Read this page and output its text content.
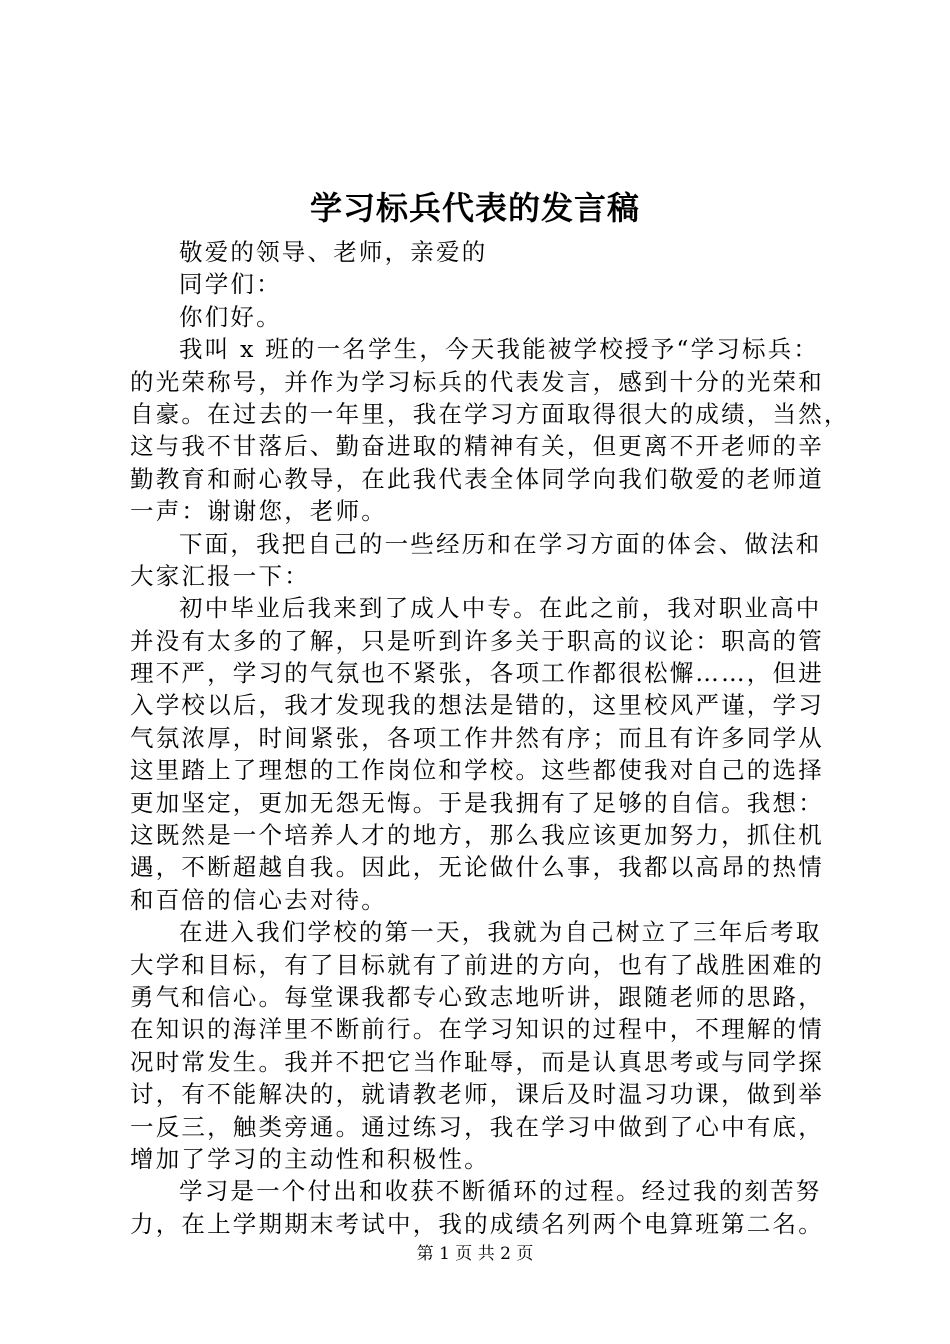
学习标兵代表的发言稿
敬爱的领导、老师，亲爱的
同学们：
你们好。
我叫 x 班的一名学生，今天我能被学校授予“学习标兵：
的光荣称号，并作为学习标兵的代表发言，感到十分的光荣和
自豪。在过去的一年里，我在学习方面取得很大的成绩，当然，
这与我不甘落后、勤奋进取的精神有关，但更离不开老师的辛
勤教育和耐心教导，在此我代表全体同学向我们敬爱的老师道
一声：谢谢您，老师。
下面，我把自己的一些经历和在学习方面的体会、做法和
大家汇报一下：
初中毕业后我来到了成人中专。在此之前，我对职业高中
并没有太多的了解，只是听到许多关于职高的议论：职高的管
理不严，学习的气氛也不紧张，各项工作都很松懈……，但进
入学校以后，我才发现我的想法是错的，这里校风严谨，学习
气氛浓厚，时间紧张，各项工作井然有序；而且有许多同学从
这里踏上了理想的工作岗位和学校。这些都使我对自己的选择
更加坚定，更加无怨无悔。于是我拥有了足够的自信。我想：
这既然是一个培养人才的地方，那么我应该更加努力，抓住机
遇，不断超越自我。因此，无论做什么事，我都以高昂的热情
和百倍的信心去对待。
在进入我们学校的第一天，我就为自己树立了三年后考取
大学和目标，有了目标就有了前进的方向，也有了战胜困难的
勇气和信心。每堂课我都专心致志地听讲，跟随老师的思路，
在知识的海洋里不断前行。在学习知识的过程中，不理解的情
况时常发生。我并不把它当作耻辱，而是认真思考或与同学探
讨，有不能解决的，就请教老师，课后及时温习功课，做到举
一反三，触类旁通。通过练习，我在学习中做到了心中有底，
增加了学习的主动性和积极性。
学习是一个付出和收获不断循环的过程。经过我的刻苦努
力，在上学期期末考试中，我的成绩名列两个电算班第二名。
第 1 页 共 2 页
